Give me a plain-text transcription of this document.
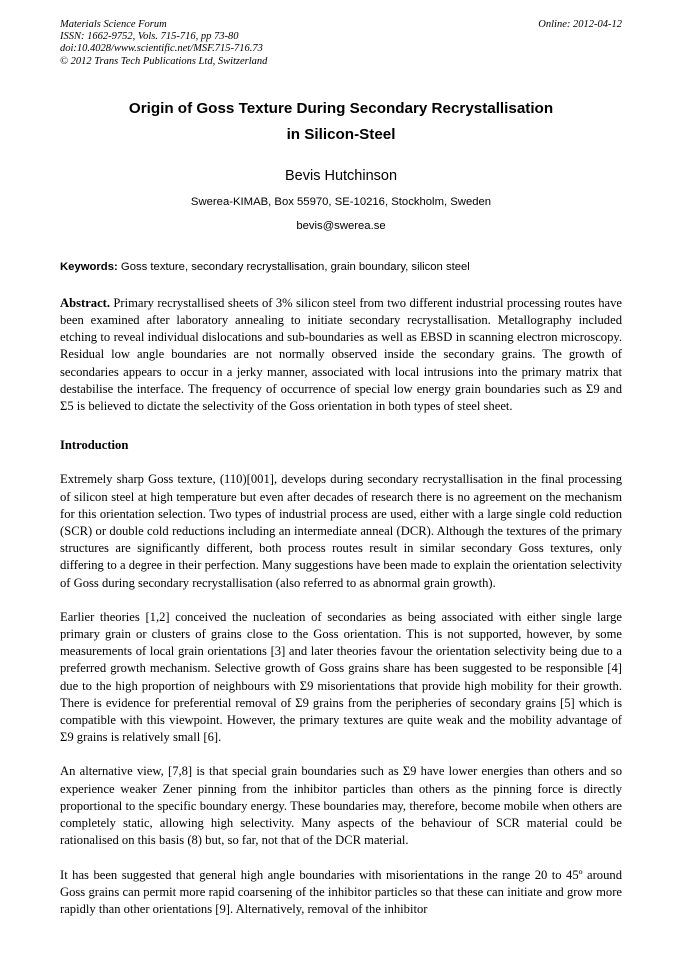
Materials Science Forum
ISSN: 1662-9752, Vols. 715-716, pp 73-80
doi:10.4028/www.scientific.net/MSF.715-716.73
© 2012 Trans Tech Publications Ltd, Switzerland
Online: 2012-04-12
Origin of Goss Texture During Secondary Recrystallisation
in Silicon-Steel
Bevis Hutchinson
Swerea-KIMAB, Box 55970, SE-10216, Stockholm, Sweden
bevis@swerea.se
Keywords: Goss texture, secondary recrystallisation, grain boundary, silicon steel
Abstract. Primary recrystallised sheets of 3% silicon steel from two different industrial processing routes have been examined after laboratory annealing to initiate secondary recrystallisation. Metallography included etching to reveal individual dislocations and sub-boundaries as well as EBSD in scanning electron microscopy. Residual low angle boundaries are not normally observed inside the secondary grains. The growth of secondaries appears to occur in a jerky manner, associated with local intrusions into the primary matrix that destabilise the interface. The frequency of occurrence of special low energy grain boundaries such as Σ9 and Σ5 is believed to dictate the selectivity of the Goss orientation in both types of steel sheet.
Introduction
Extremely sharp Goss texture, (110)[001], develops during secondary recrystallisation in the final processing of silicon steel at high temperature but even after decades of research there is no agreement on the mechanism for this orientation selection. Two types of industrial process are used, either with a large single cold reduction (SCR) or double cold reductions including an intermediate anneal (DCR). Although the textures of the primary structures are significantly different, both process routes result in similar secondary Goss textures, only differing to a degree in their perfection. Many suggestions have been made to explain the orientation selectivity of Goss during secondary recrystallisation (also referred to as abnormal grain growth).
Earlier theories [1,2] conceived the nucleation of secondaries as being associated with either single large primary grain or clusters of grains close to the Goss orientation. This is not supported, however, by some measurements of local grain orientations [3] and later theories favour the orientation selectivity being due to a preferred growth mechanism. Selective growth of Goss grains share has been suggested to be responsible [4] due to the high proportion of neighbours with Σ9 misorientations that provide high mobility for their growth. There is evidence for preferential removal of Σ9 grains from the peripheries of secondary grains [5] which is compatible with this viewpoint. However, the primary textures are quite weak and the mobility advantage of Σ9 grains is relatively small [6].
An alternative view, [7,8] is that special grain boundaries such as Σ9 have lower energies than others and so experience weaker Zener pinning from the inhibitor particles than others as the pinning force is directly proportional to the specific boundary energy. These boundaries may, therefore, become mobile when others are completely static, allowing high selectivity. Many aspects of the behaviour of SCR material could be rationalised on this basis (8) but, so far, not that of the DCR material.
It has been suggested that general high angle boundaries with misorientations in the range 20 to 45º around Goss grains can permit more rapid coarsening of the inhibitor particles so that these can initiate and grow more rapidly than other orientations [9]. Alternatively, removal of the inhibitor
